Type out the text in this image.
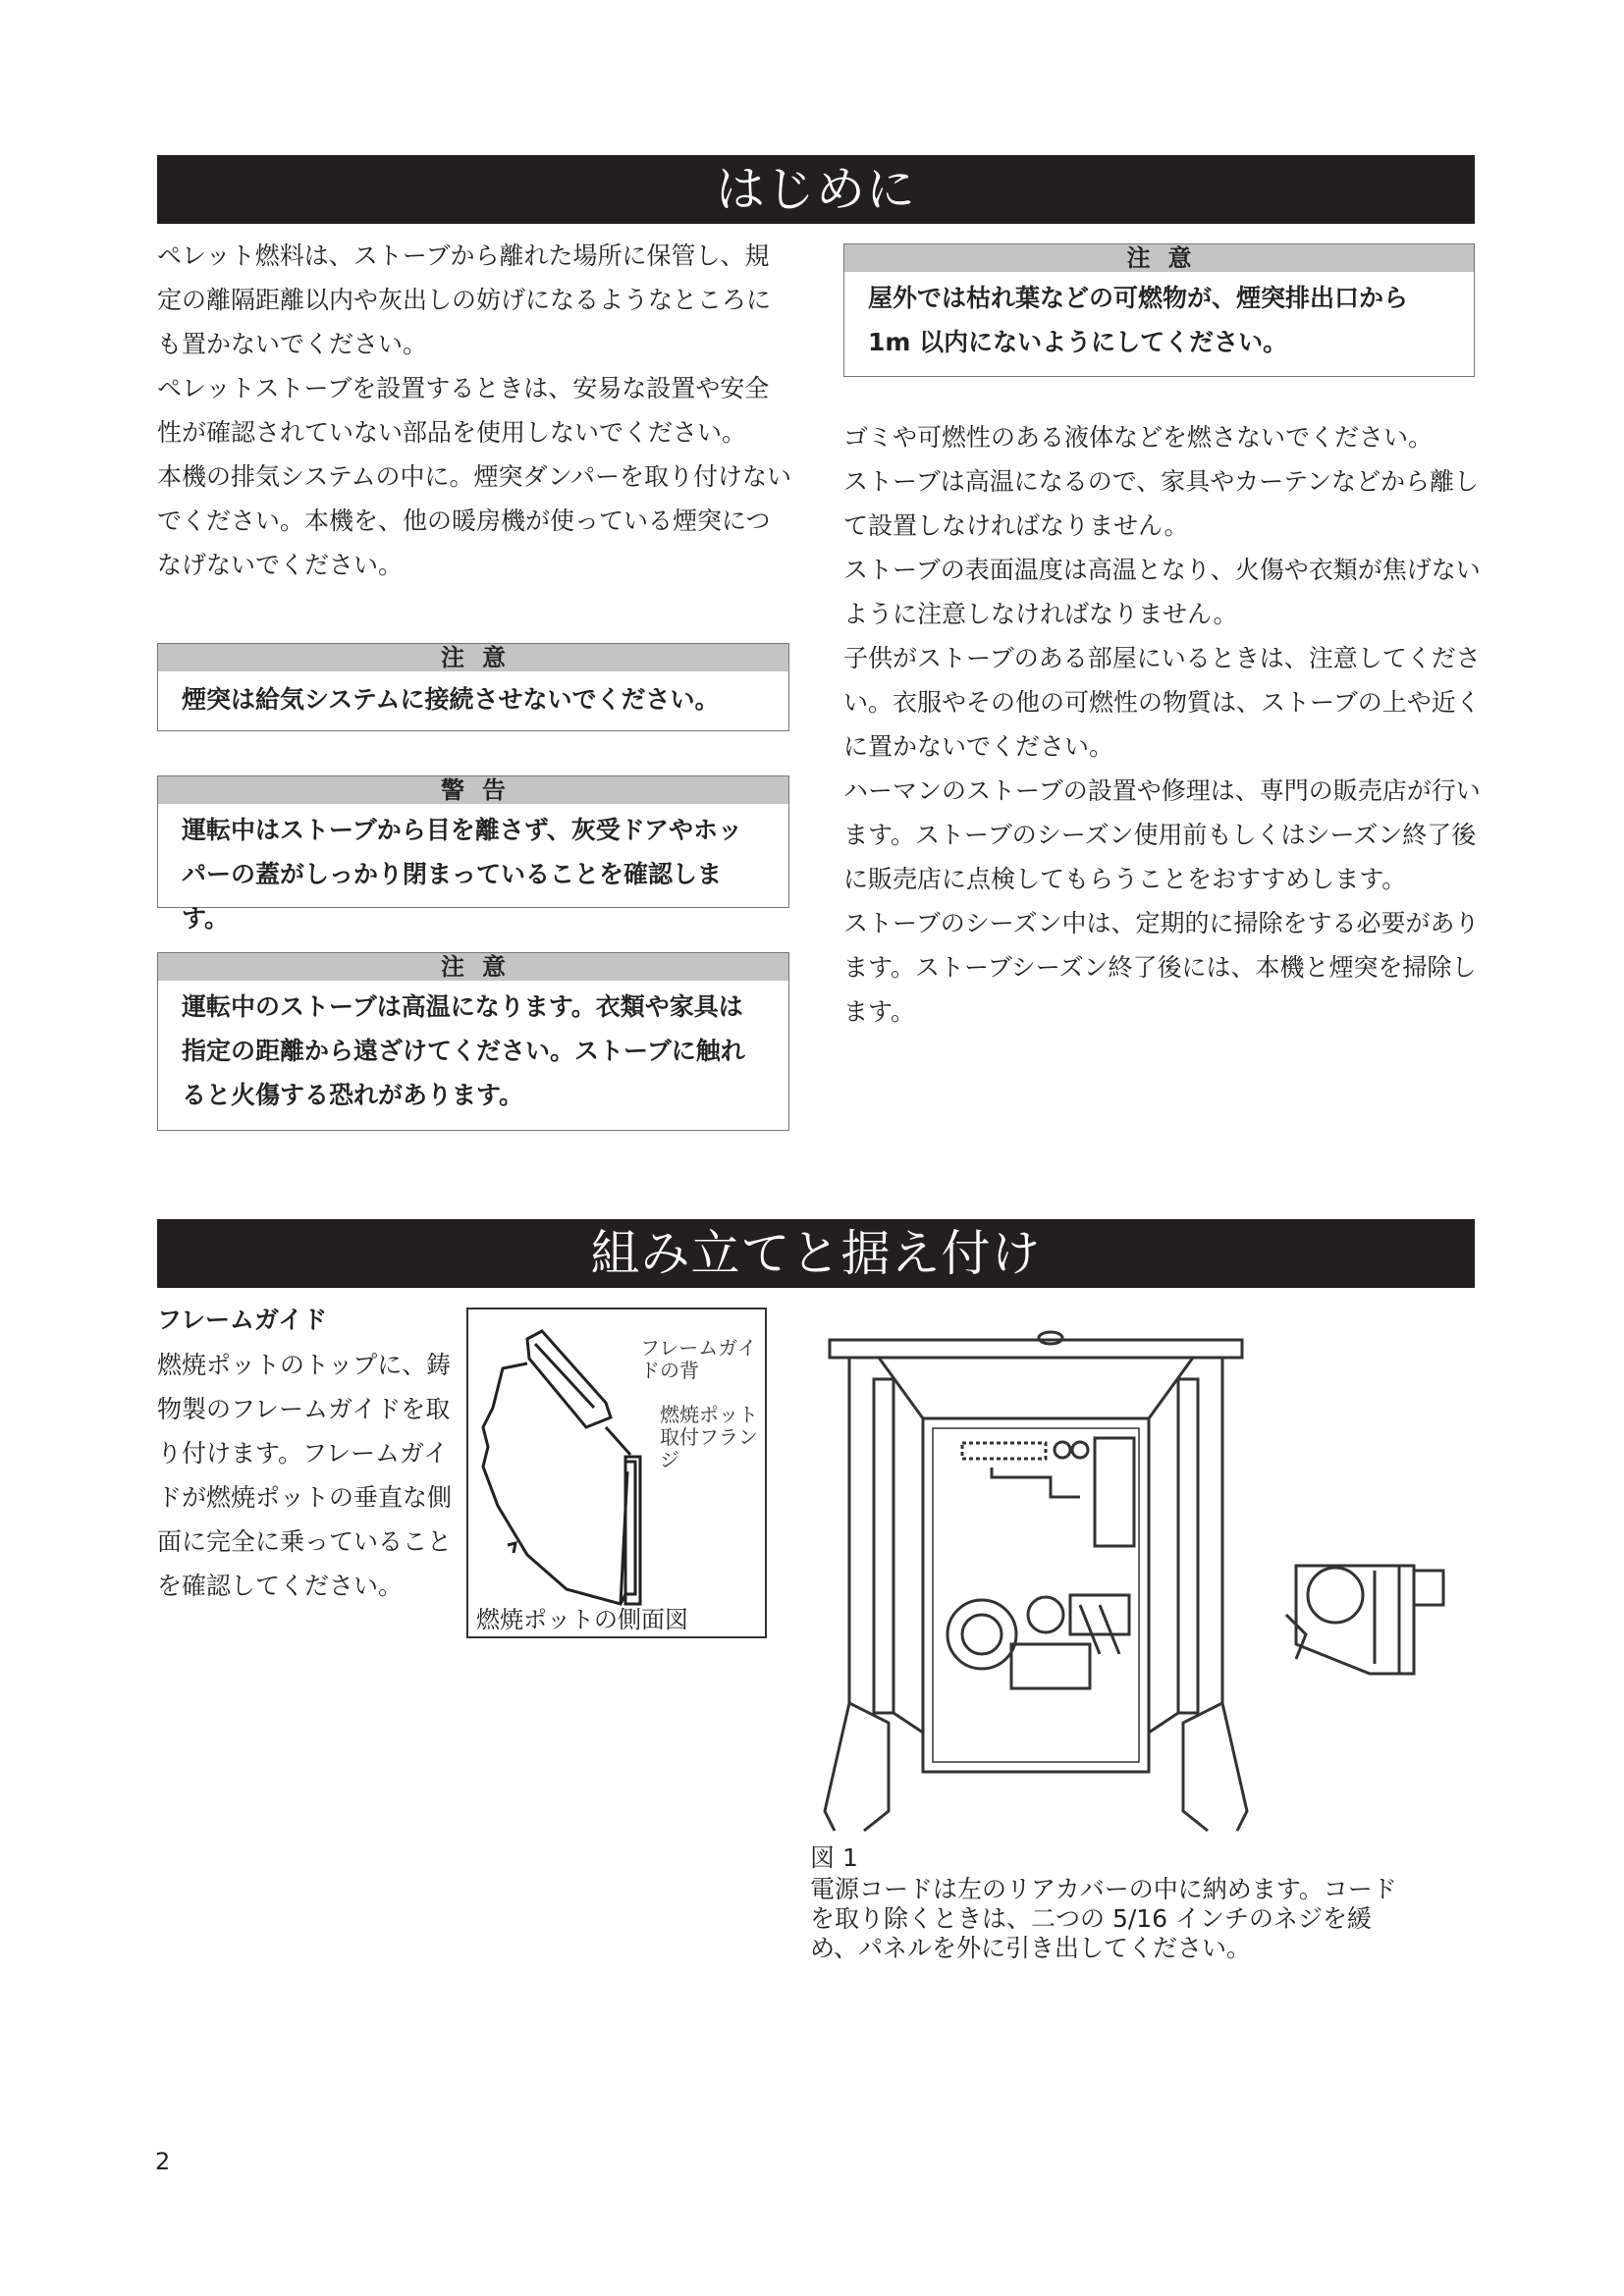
はじめに

ペレット燃料は、ストーブから離れた場所に保管し、規定の離隔距離以内や灰出しの妨げになるようなところにも置かないでください。

ペレットストーブを設置するときは、安易な設置や安全性が確認されていない部品を使用しないでください。

本機の排気システムの中に。煙突ダンパーを取り付けないでください。本機を、他の暖房機が使っている煙突につなげないでください。

注意
屋外では枯れ葉などの可燃物が、煙突排出口から1m 以内にないようにしてください。

ゴミや可燃性のある液体などを燃さないでください。

ストーブは高温になるので、家具やカーテンなどから離して設置しなければなりません。

ストーブの表面温度は高温となり、火傷や衣類が焦げないように注意しなければなりません。

子供がストーブのある部屋にいるときは、注意してください。衣服やその他の可燃性の物質は、ストーブの上や近くに置かないでください。

ハーマンのストーブの設置や修理は、専門の販売店が行います。ストーブのシーズン使用前もしくはシーズン終了後に販売店に点検してもらうことをおすすめします。

ストーブのシーズン中は、定期的に掃除をする必要があります。ストーブシーズン終了後には、本機と煙突を掃除します。

注意
煙突は給気システムに接続させないでください。
警告
運転中はストーブから目を離さず、灰受ドアやホッパーの蓋がしっかり閉まっていることを確認します。
注意
運転中のストーブは高温になります。衣類や家具は指定の距離から遠ざけてください。ストーブに触れると火傷する恐れがあります。
組み立てと据え付け
フレームガイド

燃焼ポットのトップに、鋳物製のフレームガイドを取り付けます。フレームガイドが燃焼ポットの垂直な側面に完全に乗っていることを確認してください。

フレームガイドの背
燃焼ポット取付フランジ
燃焼ポットの側面図
図 1
電源コードは左のリアカバーの中に納めます。コードを取り除くときは、二つの 5/16 インチのネジを緩め、パネルを外に引き出してください。
2
